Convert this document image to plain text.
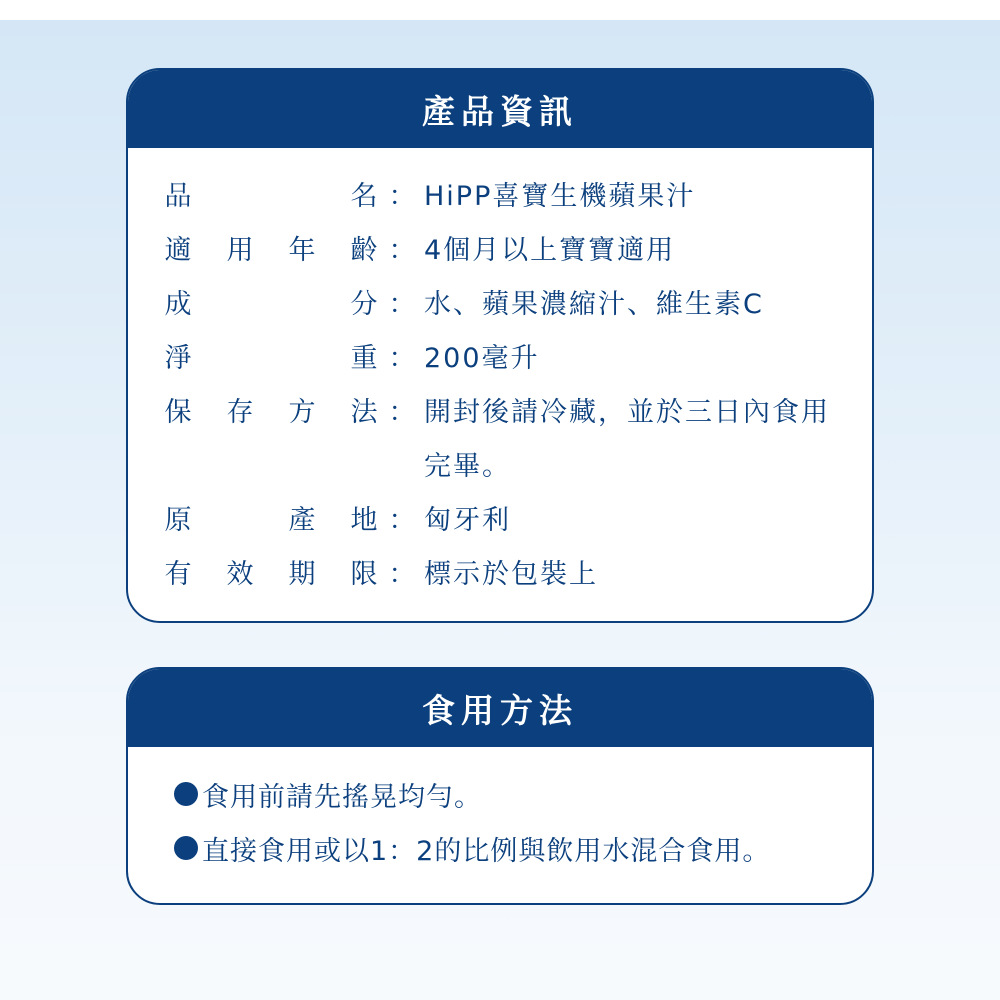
產品資訊
品	名 ： HiPP喜寶生機蘋果汁
適 用 年 齡 ： 4個月以上寶寶適用
成	分 ： 水、蘋果濃縮汁、維生素C
淨	重 ： 200毫升
保 存 方 法 ： 開封後請冷藏，並於三日內食用完畢。
原	產 地 ： 匈牙利
有 效 期 限 ： 標示於包裝上
食用方法
食用前請先搖晃均勻。
直接食用或以1：2的比例與飲用水混合食用。
